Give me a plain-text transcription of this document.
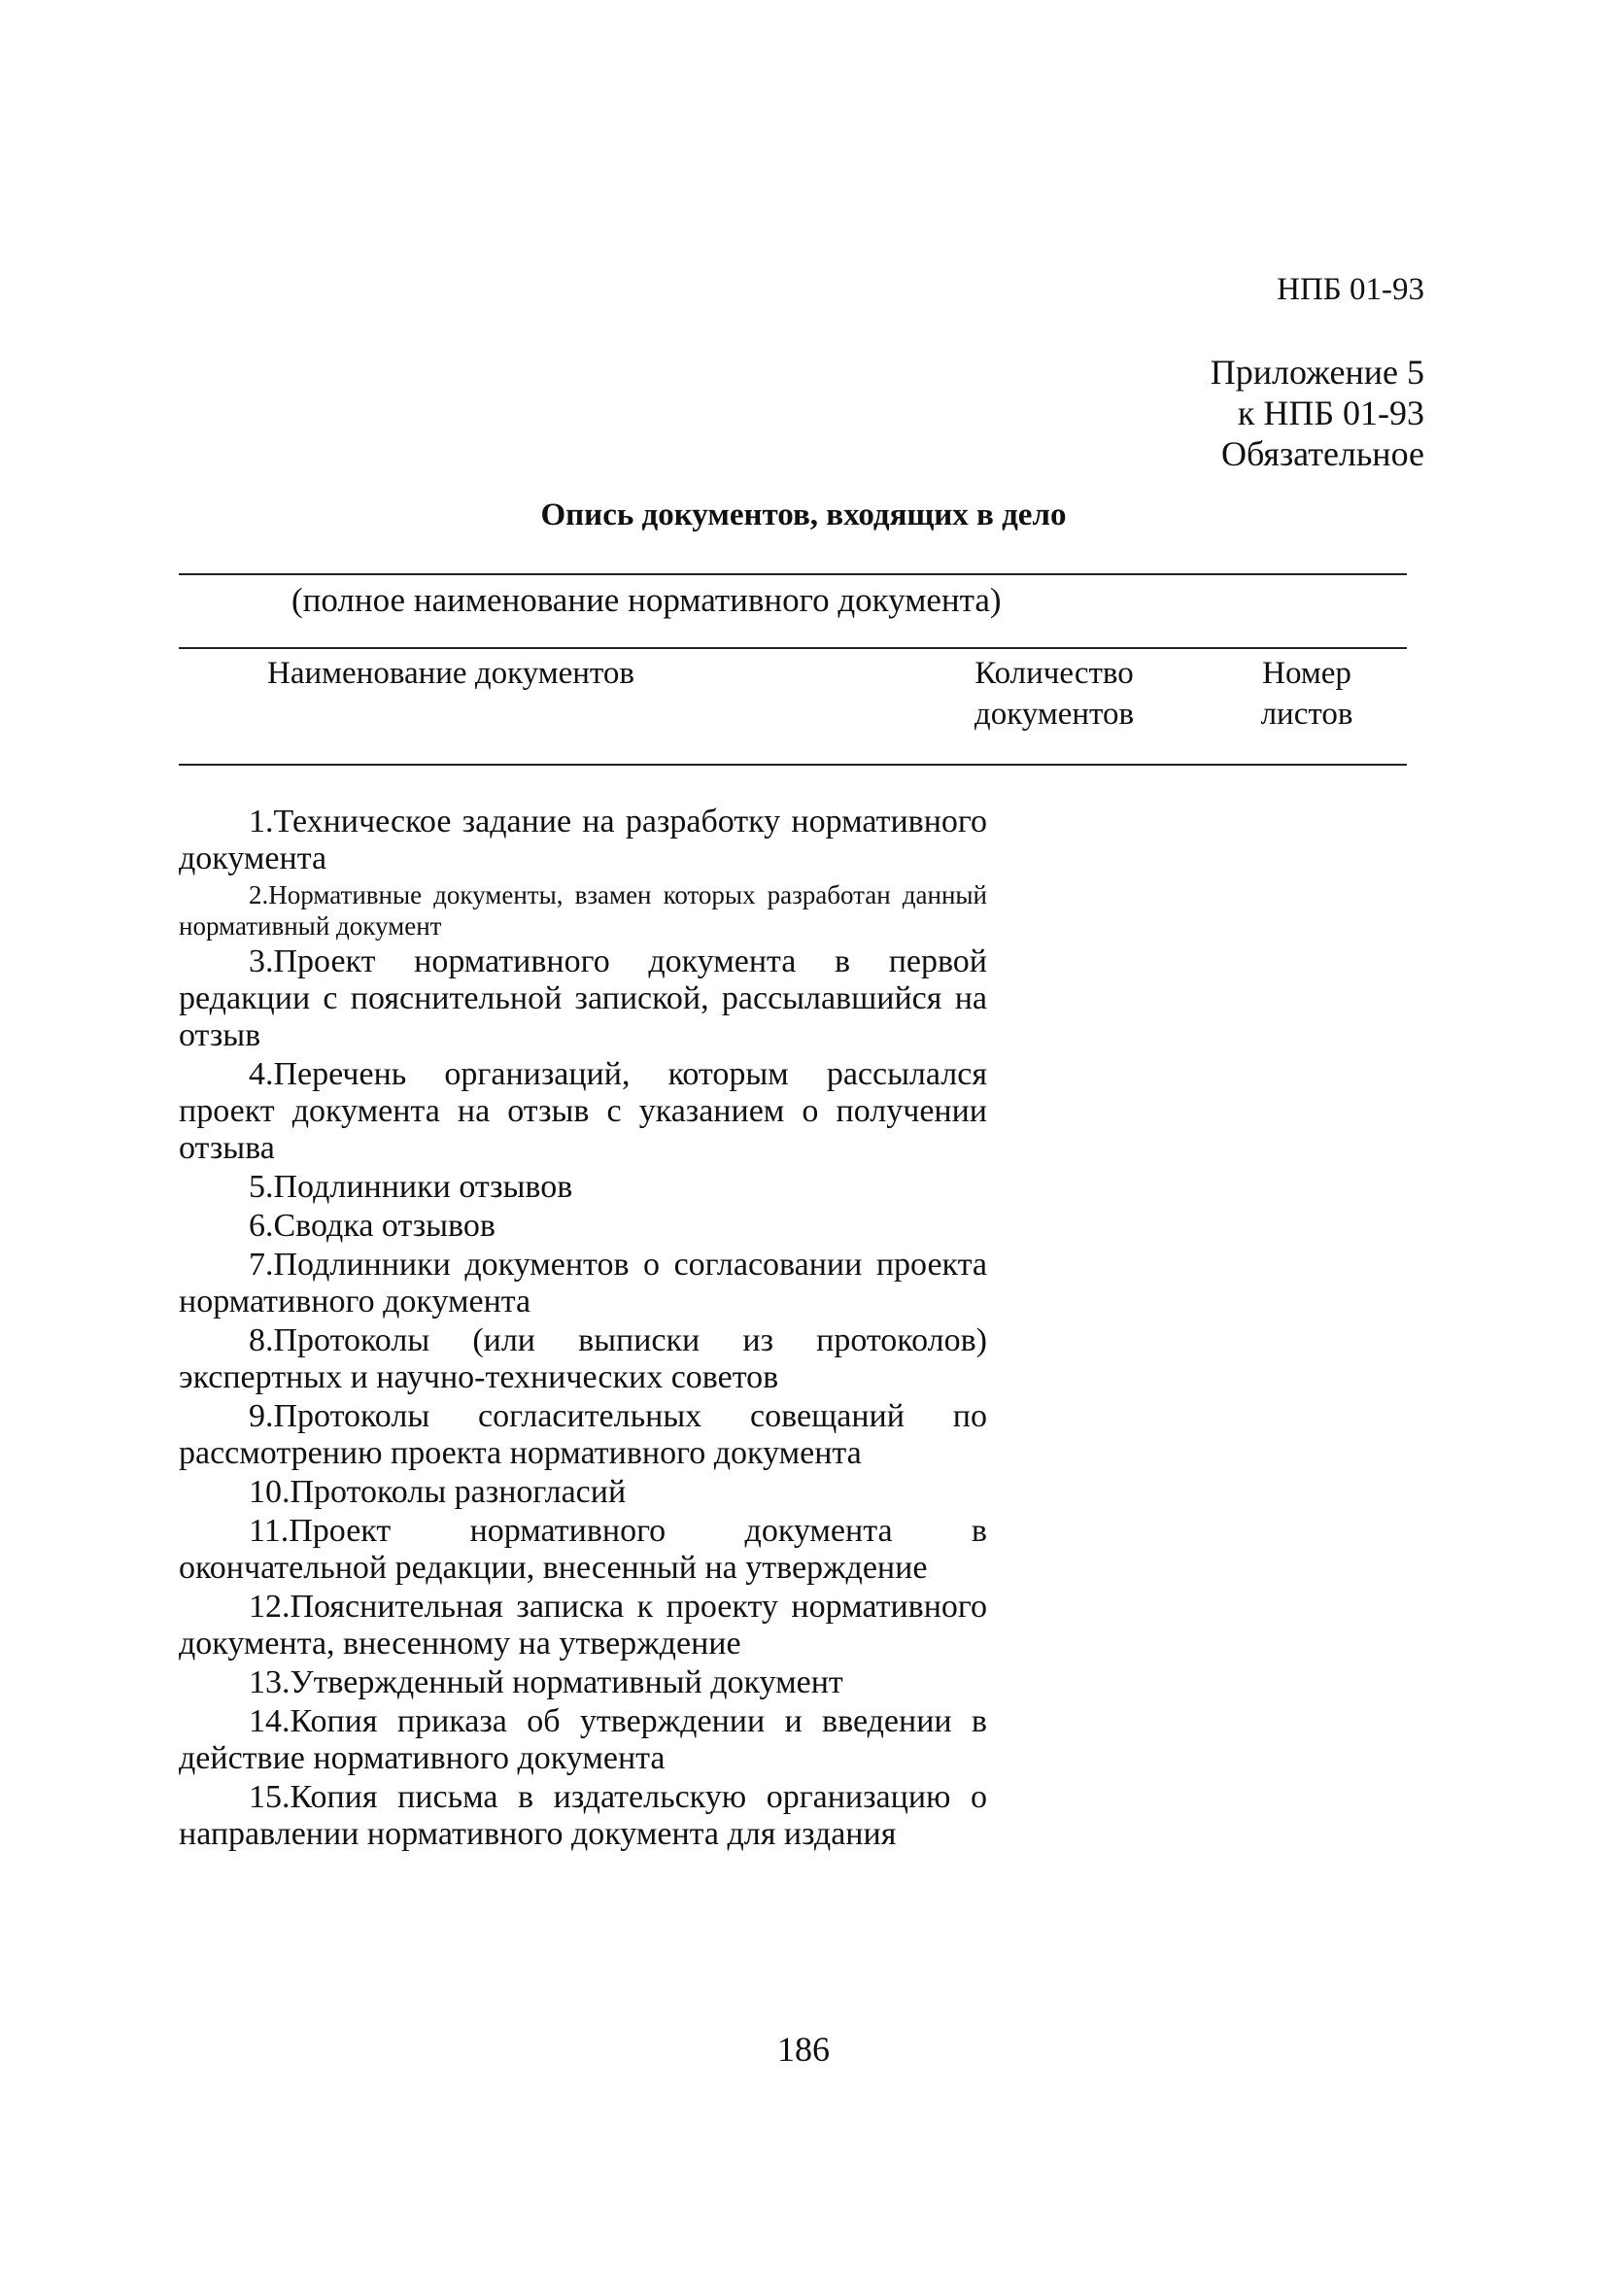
НПБ 01-93
Приложение 5
к НПБ 01-93
Обязательное
Опись документов, входящих в дело
(полное наименование нормативного документа)
Наименование документов	Количество
документов
Номер
листов
1.Техническое задание на разработку нормативного документа
2.Нормативные документы, взамен которых разработан данный нормативный документ
3.Проект нормативного документа в первой редакции с пояснительной запиской, рассылавшийся на отзыв
4.Перечень организаций, которым рассылался проект документа на отзыв с указанием о получении отзыва
5.Подлинники отзывов
6.Сводка отзывов
7.Подлинники документов о согласовании проекта нормативного документа
8.Протоколы (или выписки из протоколов) экспертных и научно-технических советов
9.Протоколы согласительных совещаний по рассмотрению проекта нормативного документа
10.Протоколы разногласий
11.Проект нормативного документа в окончательной редакции, внесенный на утверждение
12.Пояснительная записка к проекту нормативного документа, внесенному на утверждение
13.Утвержденный нормативный документ
14.Копия приказа об утверждении и введении в действие нормативного документа
15.Копия письма в издательскую организацию о направлении нормативного документа для издания
186
